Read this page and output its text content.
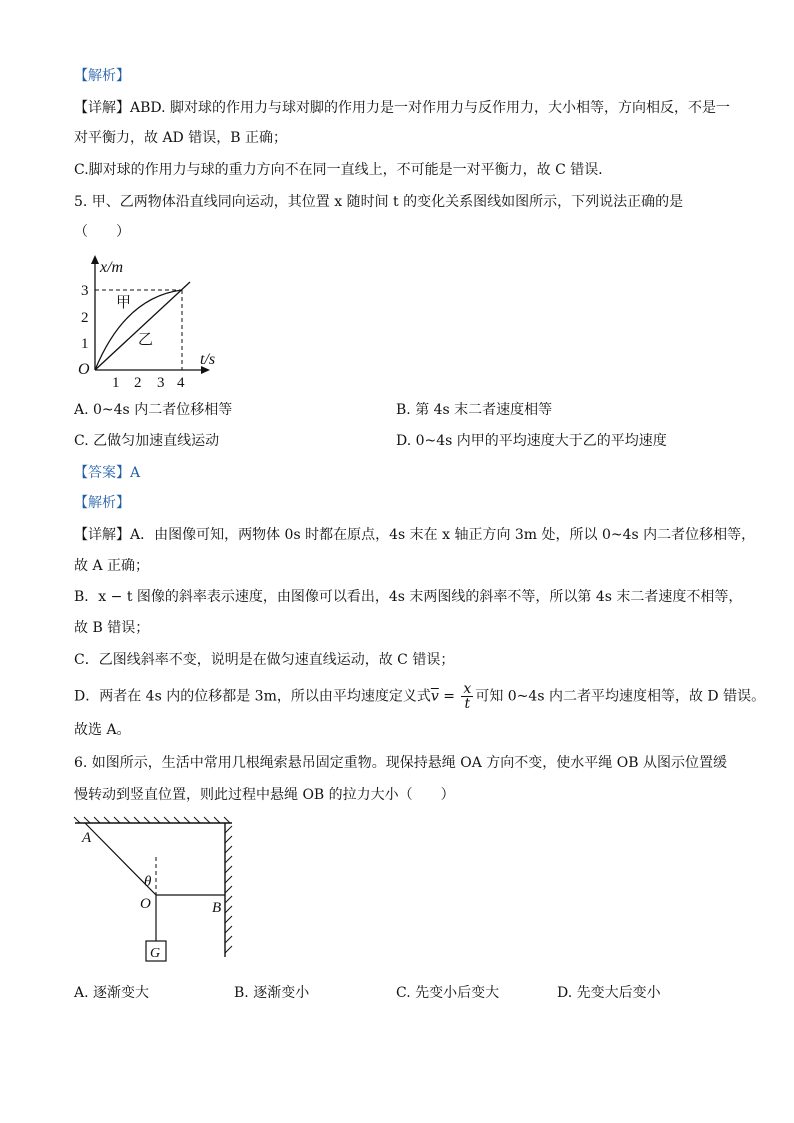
【解析】
【详解】ABD. 脚对球的作用力与球对脚的作用力是一对作用力与反作用力，大小相等，方向相反，不是一
对平衡力，故 AD 错误，B 正确；
C.脚对球的作用力与球的重力方向不在同一直线上，不可能是一对平衡力，故 C 错误．
5. 甲、乙两物体沿直线同向运动，其位置 x 随时间 t 的变化关系图线如图所示，下列说法正确的是
（　　）
x/m
t/s
O
1
2
3
1 2 3 4
甲
乙
A. 0~4s 内二者位移相等	B. 第 4s 末二者速度相等
C. 乙做匀加速直线运动	D. 0~4s 内甲的平均速度大于乙的平均速度
【答案】A
【解析】
【详解】A．由图像可知，两物体 0s 时都在原点，4s 末在 x 轴正方向 3m 处，所以 0~4s 内二者位移相等，
故 A 正确；
B．x − t 图像的斜率表示速度，由图像可以看出，4s 末两图线的斜率不等，所以第 4s 末二者速度不相等，
故 B 错误；
C．乙图线斜率不变，说明是在做匀速直线运动，故 C 错误；
D．两者在 4s 内的位移都是 3m，所以由平均速度定义式$\overline{v} = \frac{x}{t}$ 可知 0~4s 内二者平均速度相等，故 D 错误。
故选 A。
6. 如图所示，生活中常用几根绳索悬吊固定重物。现保持悬绳 OA 方向不变，使水平绳 OB 从图示位置缓
慢转动到竖直位置，则此过程中悬绳 OB 的拉力大小（　　）
A
θ
O	B
G
A. 逐渐变大	B. 逐渐变小	C. 先变小后变大	D. 先变大后变小
